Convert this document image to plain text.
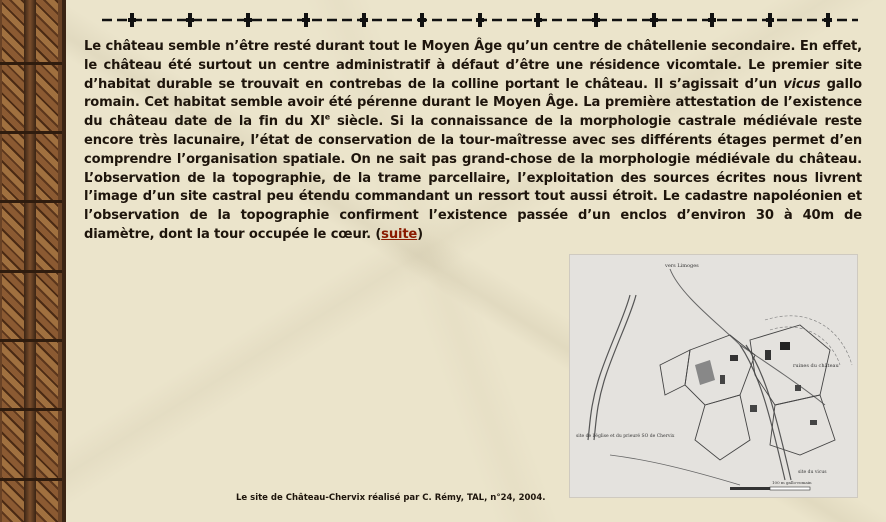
Le château semble n’être resté durant tout le Moyen Âge qu’un centre de châtellenie secondaire. En effet, le château été surtout un centre administratif à défaut d’être une résidence vicomtale. Le premier site d’habitat durable se trouvait en contrebas de la colline portant le château. Il s’agissait d’un vicus gallo romain. Cet habitat semble avoir été pérenne durant le Moyen Âge. La première attestation de l’existence du château date de la fin du XIe siècle. Si la connaissance de la morphologie castrale médiévale reste encore très lacunaire, l’état de conservation de la tour-maîtresse avec ses différents étages permet d’en comprendre l’organisation spatiale. On ne sait pas grand-chose de la morphologie médiévale du château. L’observation de la topographie, de la trame parcellaire, l’exploitation des sources écrites nous livrent l’image d’un site castral peu étendu commandant un ressort tout aussi étroit. Le cadastre napoléonien et l’observation de la topographie confirment l’existence passée d’un enclos d’environ 30 à 40m de diamètre, dont la tour occupée le cœur. (suite)
vers Limoges
ruines du château
site de l'église et du prieuré SO de Chervix
site du vicus
100 m gallo-romain
Le site de Château-Chervix réalisé par C. Rémy, TAL, n°24, 2004.
